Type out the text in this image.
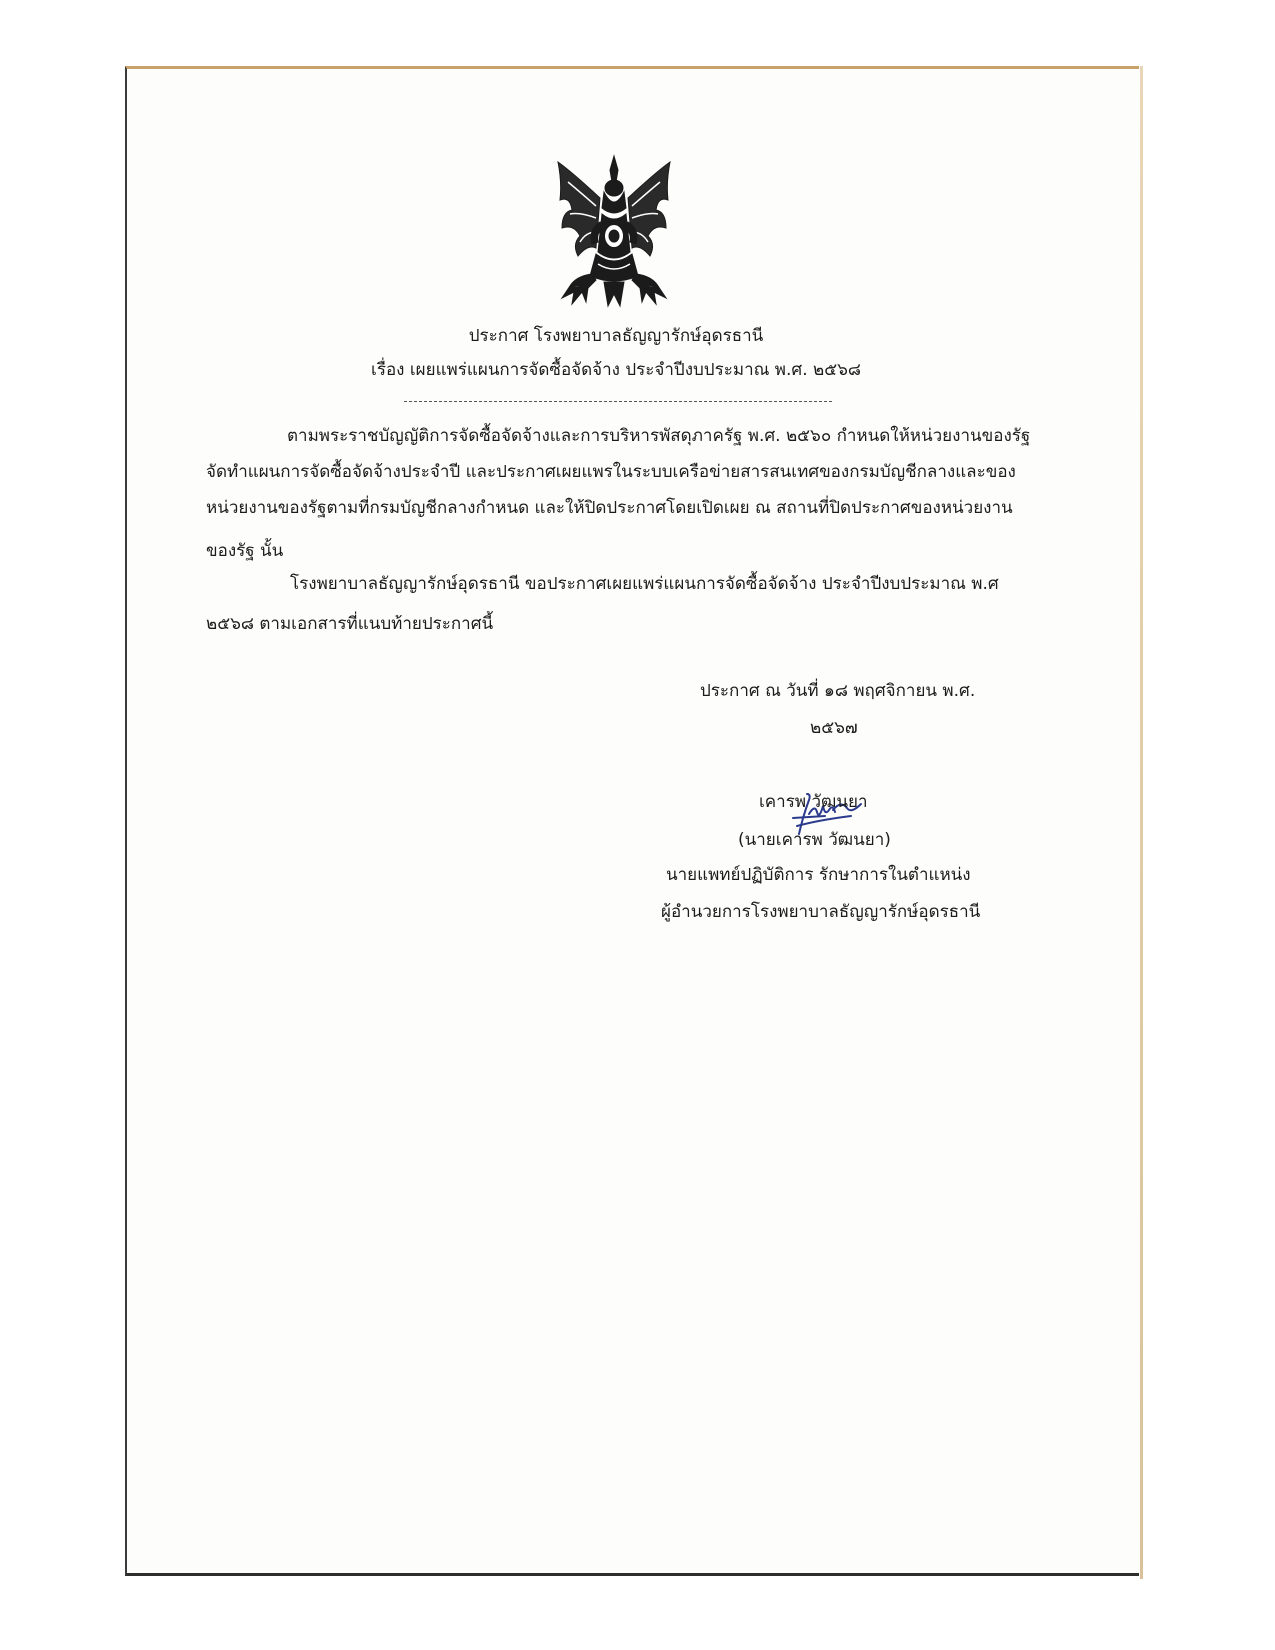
ประกาศ โรงพยาบาลธัญญารักษ์อุดรธานี
เรื่อง เผยแพร่แผนการจัดซื้อจัดจ้าง ประจำปีงบประมาณ พ.ศ. ๒๕๖๘
ตามพระราชบัญญัติการจัดซื้อจัดจ้างและการบริหารพัสดุภาครัฐ พ.ศ. ๒๕๖๐ กำหนดให้หน่วยงานของรัฐ
จัดทำแผนการจัดซื้อจัดจ้างประจำปี และประกาศเผยแพรในระบบเครือข่ายสารสนเทศของกรมบัญชีกลางและของ
หน่วยงานของรัฐตามที่กรมบัญชีกลางกำหนด และให้ปิดประกาศโดยเปิดเผย ณ สถานที่ปิดประกาศของหน่วยงาน
ของรัฐ นั้น
โรงพยาบาลธัญญารักษ์อุดรธานี ขอประกาศเผยแพร่แผนการจัดซื้อจัดจ้าง ประจำปีงบประมาณ พ.ศ
๒๕๖๘ ตามเอกสารที่แนบท้ายประกาศนี้
ประกาศ ณ วันที่ ๑๘ พฤศจิกายน พ.ศ.
๒๕๖๗
เคารพ วัฒนยา
(นายเคารพ วัฒนยา)
นายแพทย์ปฏิบัติการ รักษาการในตำแหน่ง
ผู้อำนวยการโรงพยาบาลธัญญารักษ์อุดรธานี
